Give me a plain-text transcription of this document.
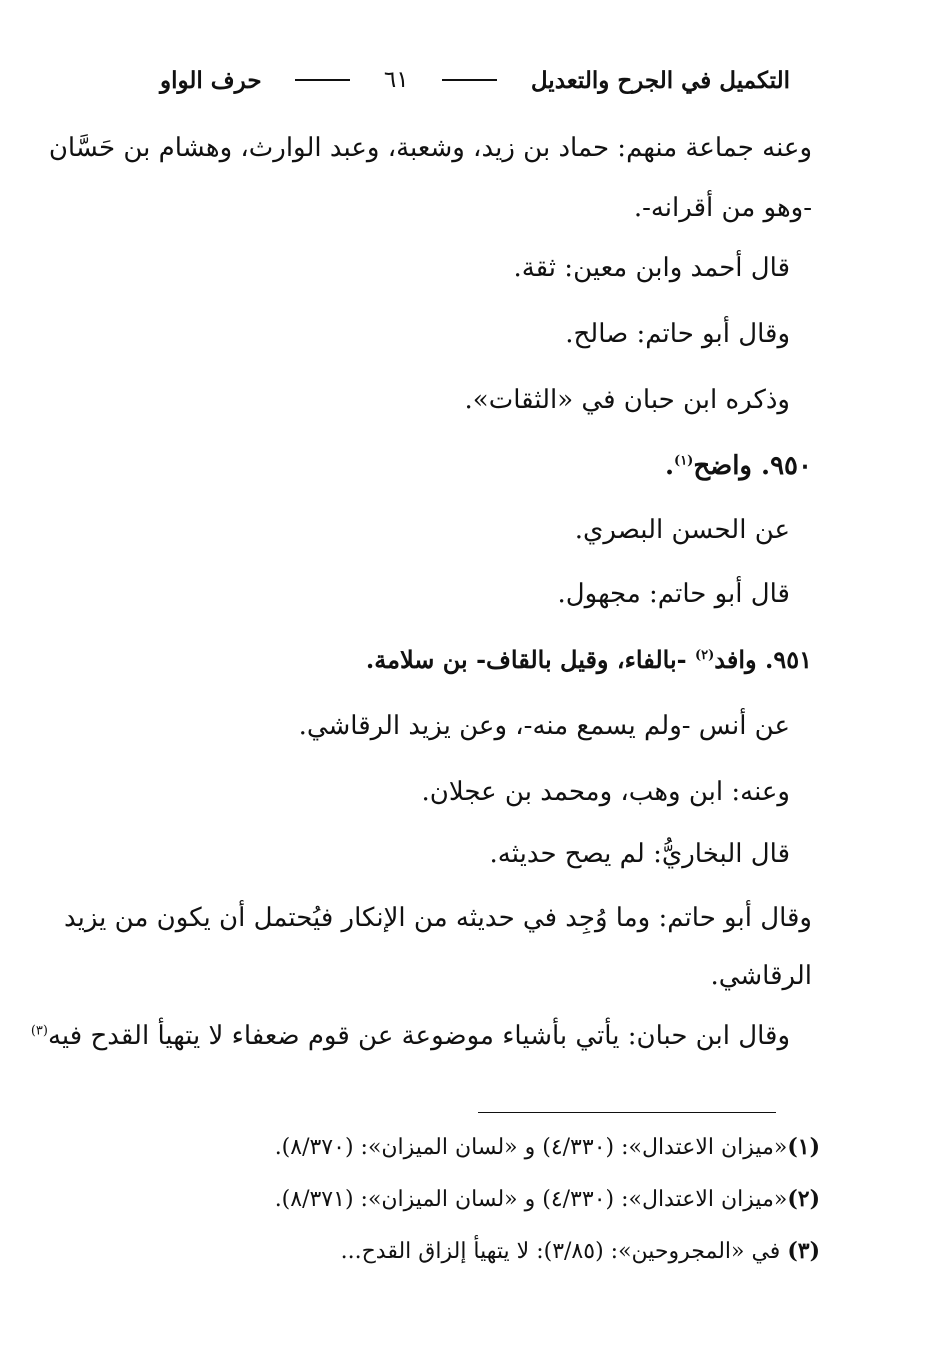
التكميل في الجرح والتعديل
٦١
حرف الواو
وعنه جماعة منهم: حماد بن زيد، وشعبة، وعبد الوارث، وهشام بن حَسَّان
-وهو من أقرانه-.
قال أحمد وابن معين: ثقة.
وقال أبو حاتم: صالح.
وذكره ابن حبان في «الثقات».
٩٥٠. واضح$^{(١)}$.
عن الحسن البصري.
قال أبو حاتم: مجهول.
٩٥١. وافد$^{(٢)}$ -بالفاء، وقيل بالقاف- بن سلامة.
عن أنس -ولم يسمع منه-، وعن يزيد الرقاشي.
وعنه: ابن وهب، ومحمد بن عجلان.
قال البخاريُّ: لم يصح حديثه.
وقال أبو حاتم: وما وُجِد في حديثه من الإنكار فيُحتمل أن يكون من يزيد
الرقاشي.
وقال ابن حبان: يأتي بأشياء موضوعة عن قوم ضعفاء لا يتهيأ القدح فيه$^{(٣)}$
(١)«ميزان الاعتدال»: (٤/٣٣٠) و «لسان الميزان»: (٨/٣٧٠).
(٢)«ميزان الاعتدال»: (٤/٣٣٠) و «لسان الميزان»: (٨/٣٧١).
(٣) في «المجروحين»: (٣/٨٥): لا يتهيأ إلزاق القدح...
